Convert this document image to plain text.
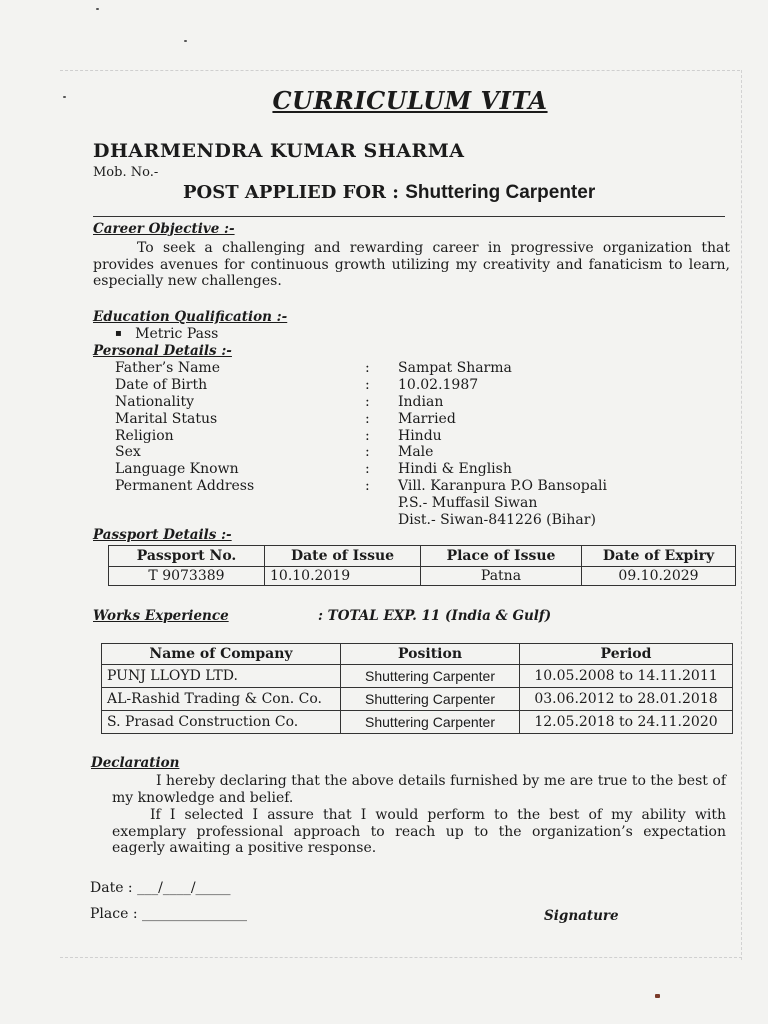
CURRICULUM VITA
DHARMENDRA KUMAR SHARMA
Mob. No.-
POST APPLIED FOR : Shuttering Carpenter
Career Objective :-
To seek a challenging and rewarding career in progressive organization that provides avenues for continuous growth utilizing my creativity and fanaticism to learn, especially new challenges.
Education Qualification :-
▪ Metric Pass
Personal Details :-
Father’s Name	: Sampat Sharma
Date of Birth	: 10.02.1987
Nationality	: Indian
Marital Status	: Married
Religion	: Hindu
Sex	: Male
Language Known	: Hindi & English
Permanent Address	: Vill. Karanpura P.O Bansopali
P.S.- Muffasil Siwan
Dist.- Siwan-841226 (Bihar)
Passport Details :-
Passport No.	Date of Issue	Place of Issue	Date of Expiry
T 9073389	10.10.2019	Patna	09.10.2029
Works Experience	: TOTAL EXP. 11 (India & Gulf)
Name of Company	Position	Period
PUNJ LLOYD LTD.	Shuttering Carpenter	10.05.2008 to 14.11.2011
AL-Rashid Trading & Con. Co.	Shuttering Carpenter	03.06.2012 to 28.01.2018
S. Prasad Construction Co.	Shuttering Carpenter	12.05.2018 to 24.11.2020
Declaration
I hereby declaring that the above details furnished by me are true to the best of my knowledge and belief.
If I selected I assure that I would perform to the best of my ability with exemplary professional approach to reach up to the organization’s expectation eagerly awaiting a positive response.
Date : ___/____/_____
Place : _______________	Signature
